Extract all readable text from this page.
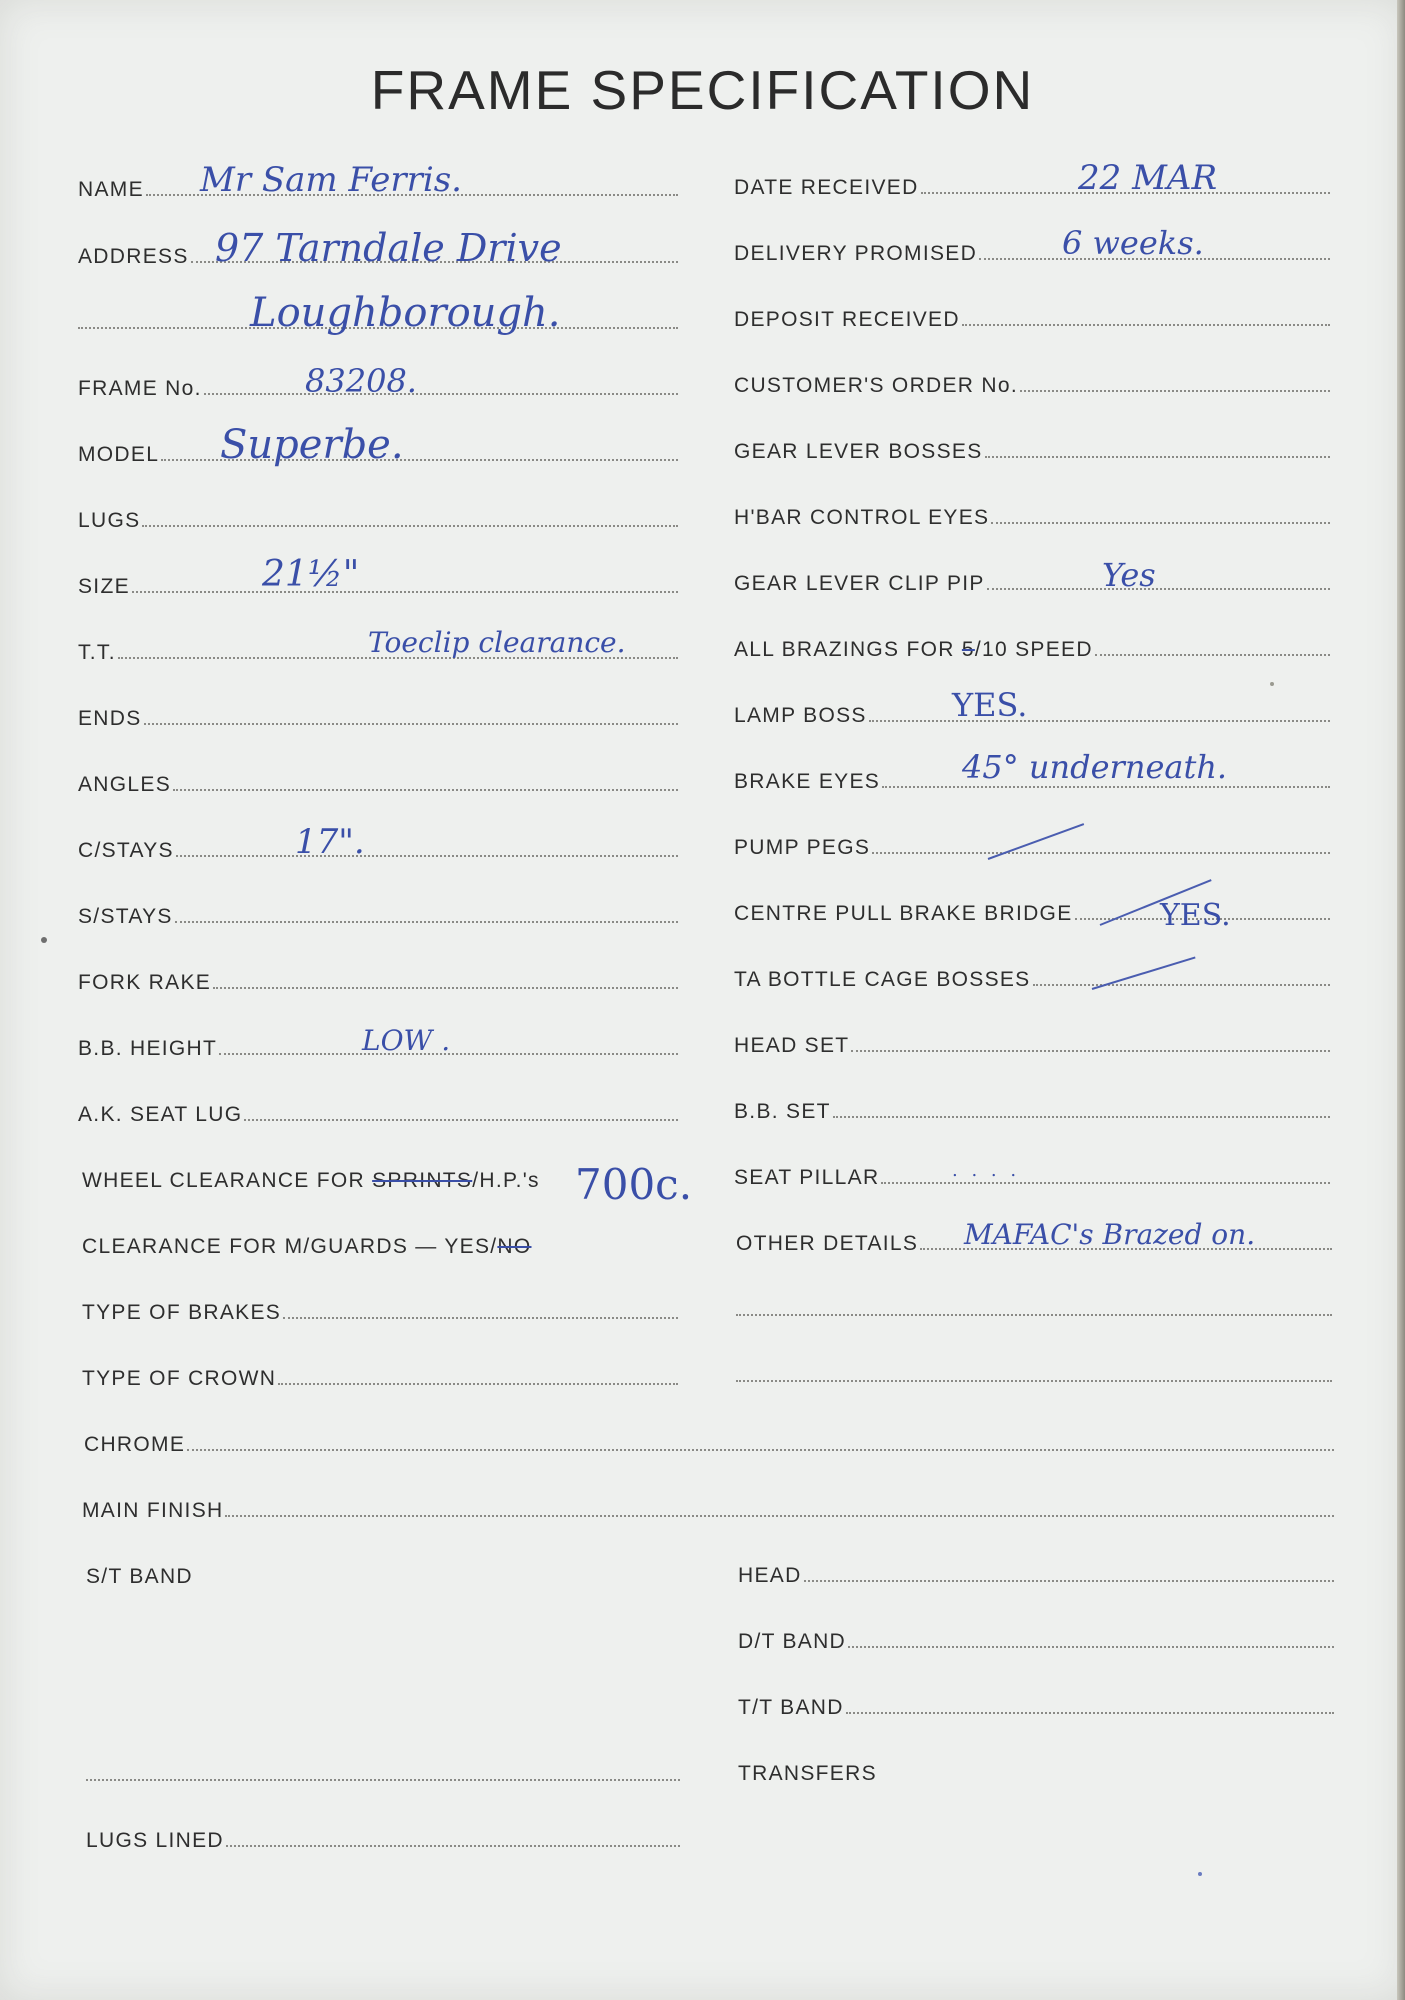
FRAME SPECIFICATION
NAME Mr Sam Ferris.
ADDRESS 97 Tarndale Drive
Loughborough.
FRAME No.	83208.
MODEL Superbe.
LUGS
SIZE	21½"
T.T.	Toeclip clearance.
ENDS
ANGLES
C/STAYS	17".
S/STAYS
FORK RAKE
B.B. HEIGHT	LOW .
A.K. SEAT LUG
WHEEL CLEARANCE FOR SPRINTS/H.P.'s 700c.
CLEARANCE FOR M/GUARDS — YES/NO
TYPE OF BRAKES
TYPE OF CROWN
CHROME
MAIN FINISH
S/T BAND
LUGS LINED
DATE RECEIVED	22 MAR
DELIVERY PROMISED	6 weeks.
DEPOSIT RECEIVED
CUSTOMER'S ORDER No.
GEAR LEVER BOSSES
H'BAR CONTROL EYES
GEAR LEVER CLIP PIP	Yes
ALL BRAZINGS FOR 5/10 SPEED
LAMP BOSS	YES.
BRAKE EYES	45° underneath.
PUMP PEGS
CENTRE PULL BRAKE BRIDGE	YES.
TA BOTTLE CAGE BOSSES
HEAD SET
B.B. SET
SEAT PILLAR	. . . .
OTHER DETAILS MAFAC's Brazed on.
HEAD
D/T BAND
T/T BAND
TRANSFERS
